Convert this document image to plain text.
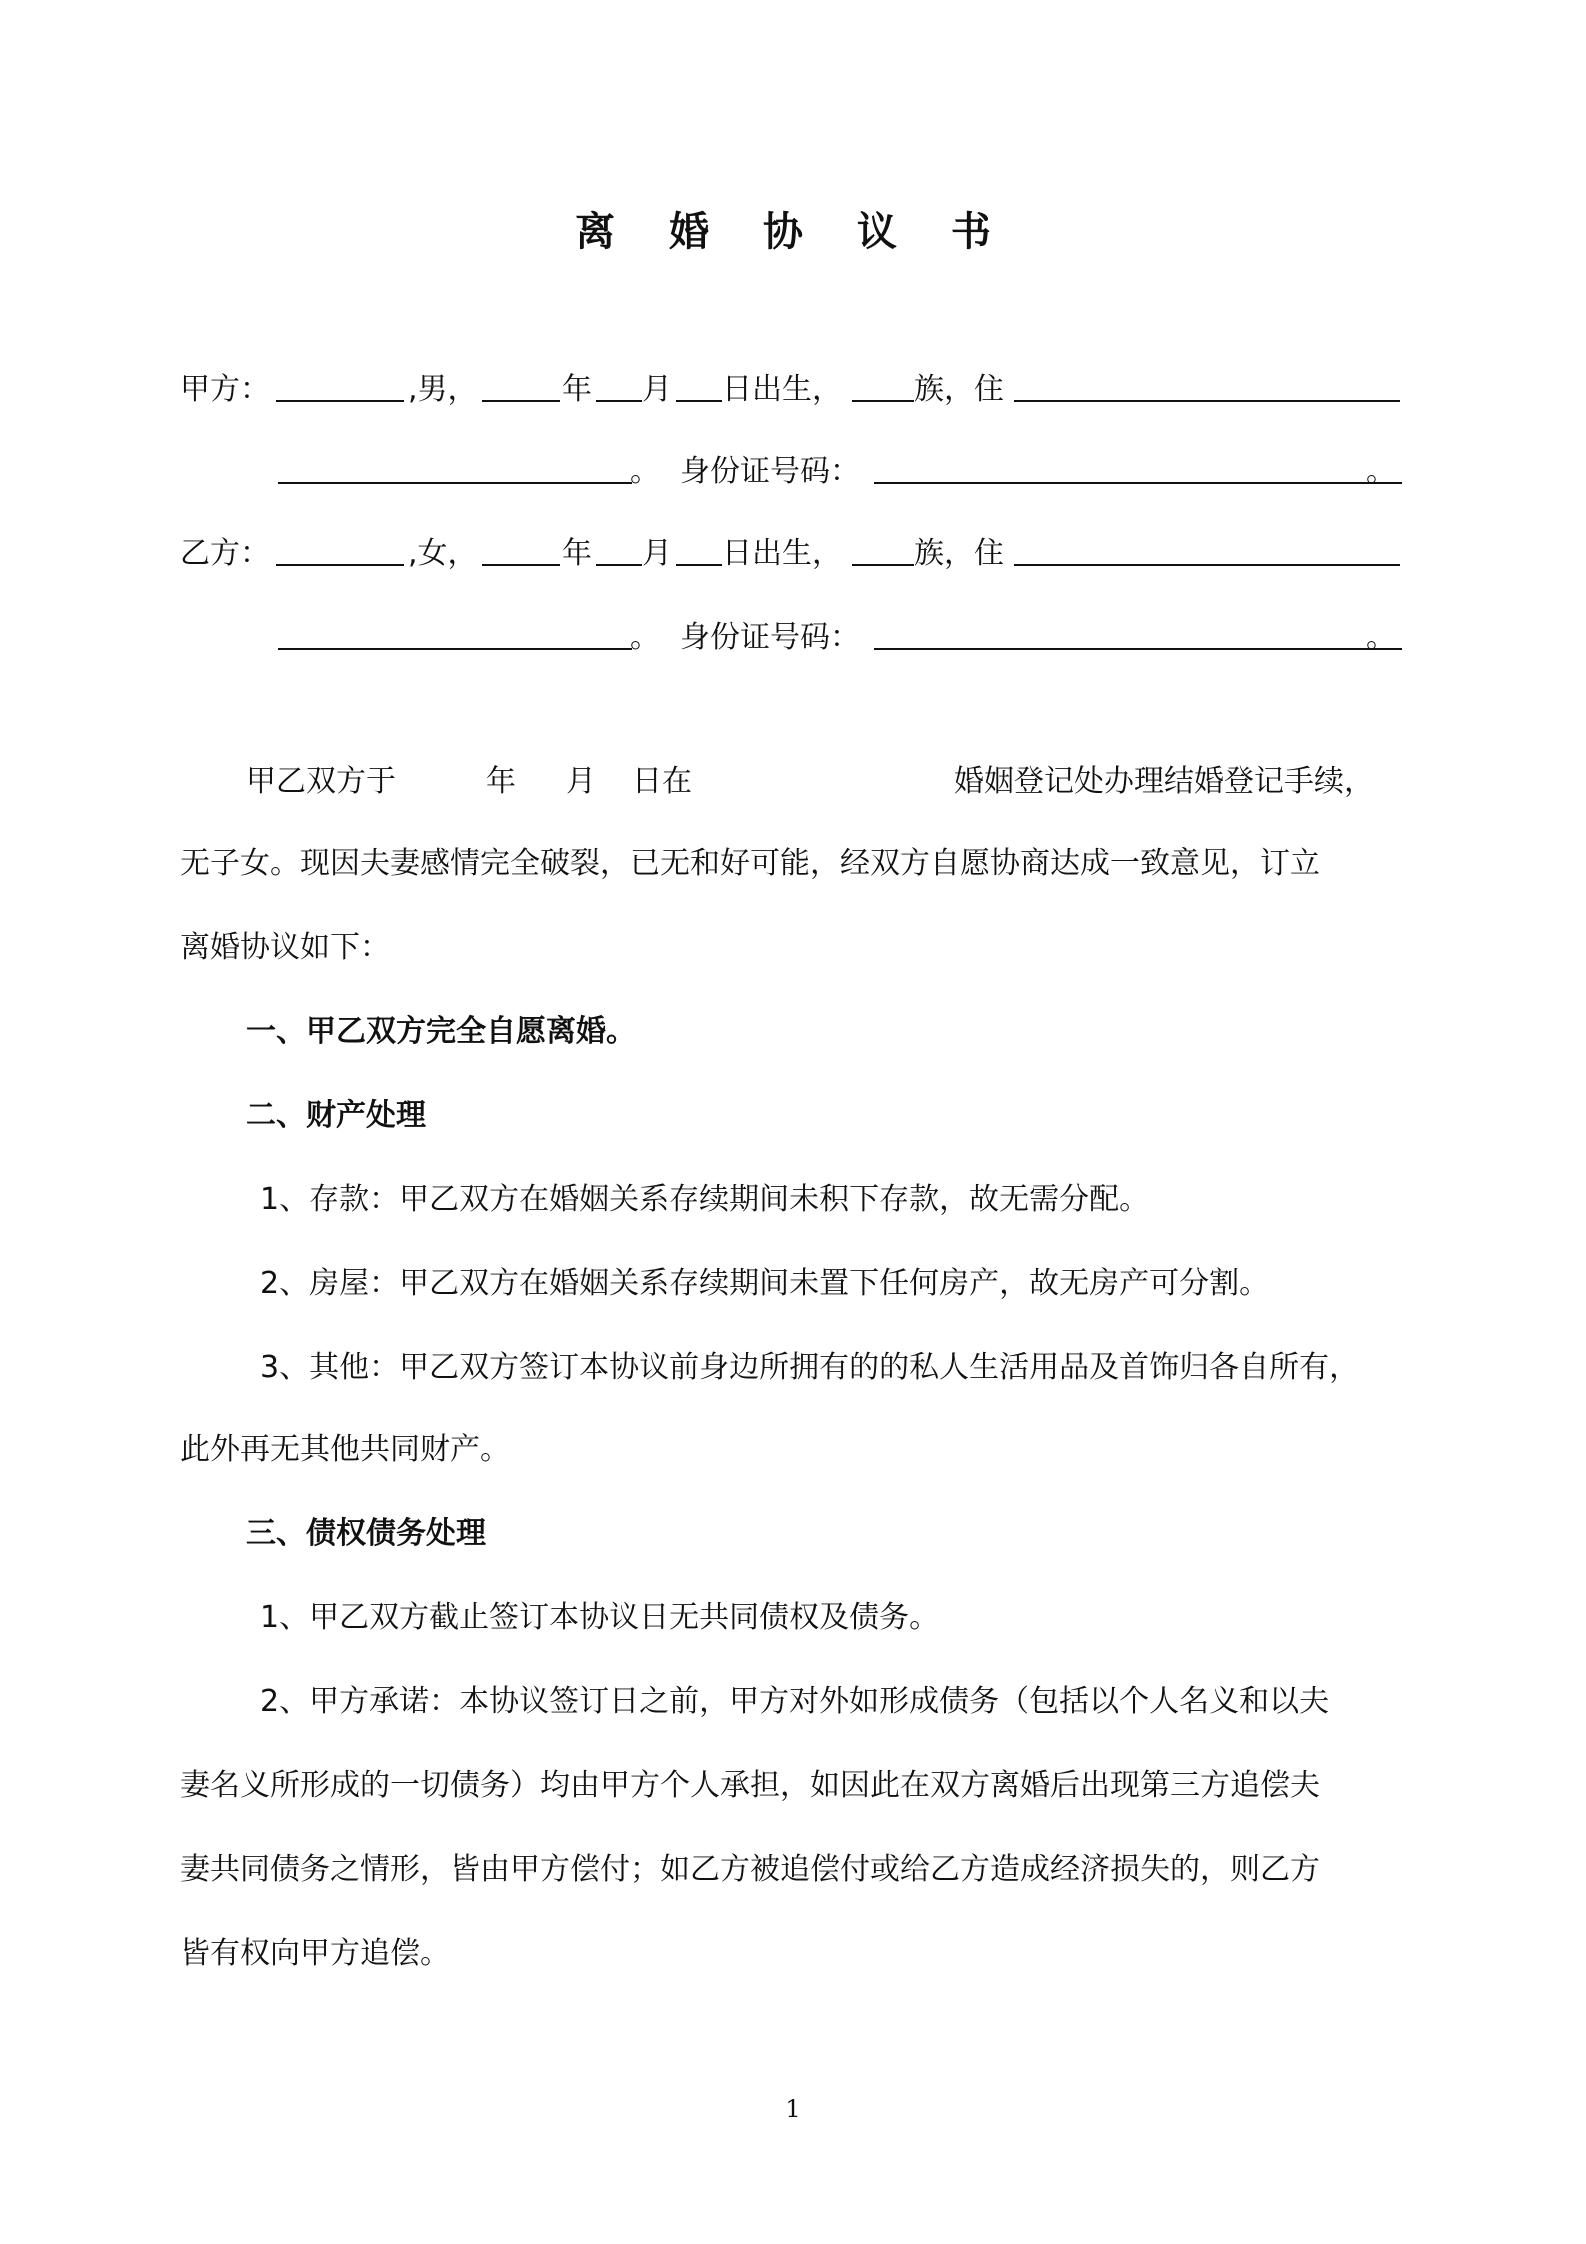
离 婚 协 议 书
甲方：	,男，	年 月 日出生， 族，住
。 身份证号码：	。
乙方：	,女，	年 月 日出生， 族，住
。 身份证号码：	。
甲乙双方于	年 月 日在	婚姻登记处办理结婚登记手续，
无子女。现因夫妻感情完全破裂，已无和好可能，经双方自愿协商达成一致意见，订立
离婚协议如下：
一、甲乙双方完全自愿离婚。
二、财产处理
1、存款：甲乙双方在婚姻关系存续期间未积下存款，故无需分配。
2、房屋：甲乙双方在婚姻关系存续期间未置下任何房产，故无房产可分割。
3、其他：甲乙双方签订本协议前身边所拥有的的私人生活用品及首饰归各自所有，
此外再无其他共同财产。
三、债权债务处理
1、甲乙双方截止签订本协议日无共同债权及债务。
2、甲方承诺：本协议签订日之前，甲方对外如形成债务（包括以个人名义和以夫
妻名义所形成的一切债务）均由甲方个人承担，如因此在双方离婚后出现第三方追偿夫
妻共同债务之情形，皆由甲方偿付；如乙方被追偿付或给乙方造成经济损失的，则乙方
皆有权向甲方追偿。
1
